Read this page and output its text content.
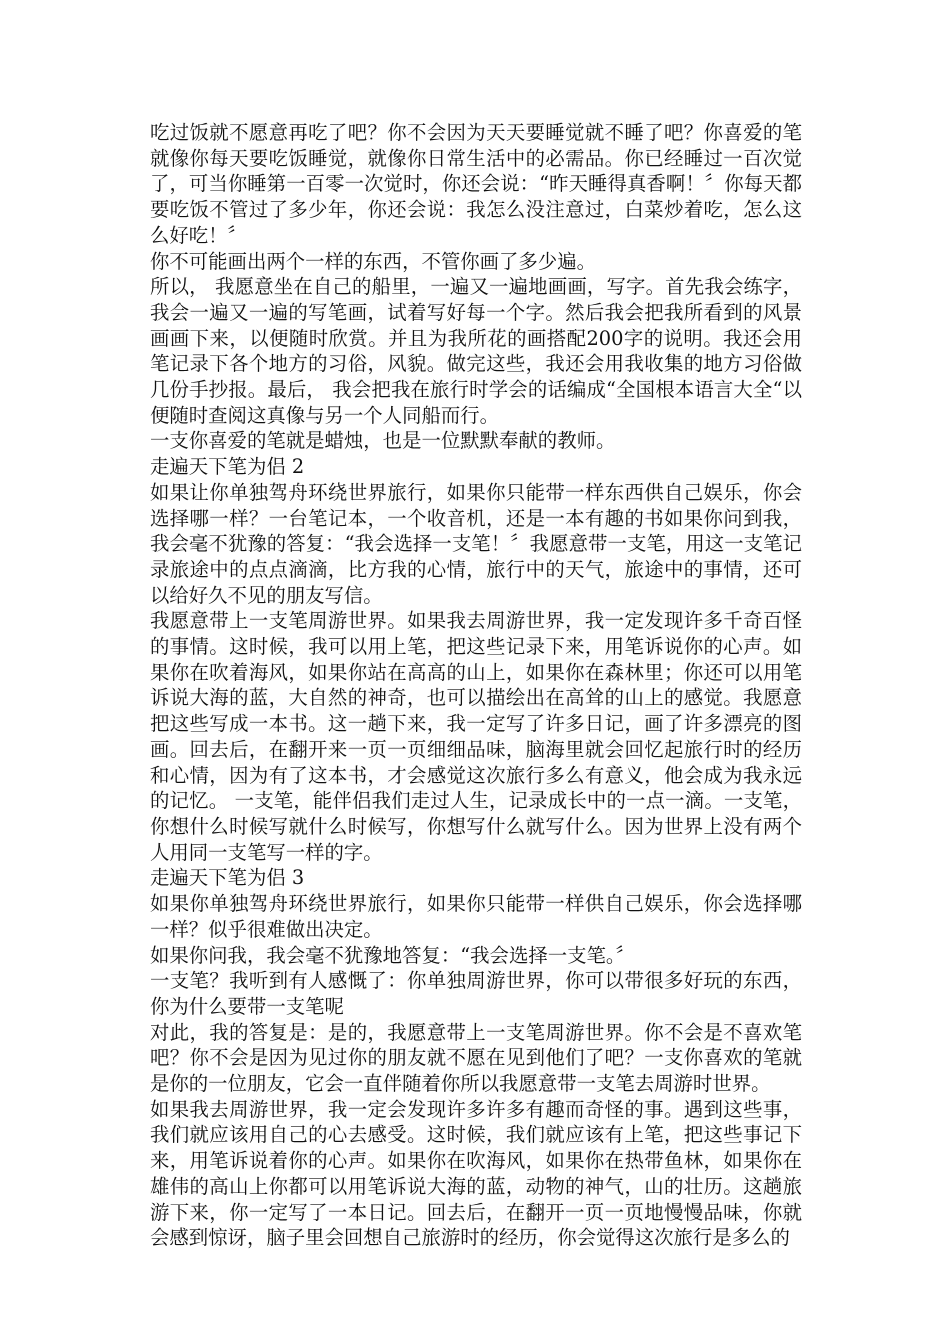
吃过饭就不愿意再吃了吧？你不会因为天天要睡觉就不睡了吧？你喜爱的笔就像你每天要吃饭睡觉，就像你日常生活中的必需品。你已经睡过一百次觉了，可当你睡第一百零一次觉时，你还会说：“昨天睡得真香啊！〞你每天都要吃饭不管过了多少年，你还会说：我怎么没注意过，白菜炒着吃，怎么这么好吃！〞

你不可能画出两个一样的东西，不管你画了多少遍。

所以， 我愿意坐在自己的船里，一遍又一遍地画画，写字。首先我会练字，我会一遍又一遍的写笔画，试着写好每一个字。然后我会把我所看到的风景画画下来，以便随时欣赏。并且为我所花的画搭配200字的说明。我还会用笔记录下各个地方的习俗，风貌。做完这些，我还会用我收集的地方习俗做几份手抄报。最后， 我会把我在旅行时学会的话编成“全国根本语言大全“以便随时查阅这真像与另一个人同船而行。

一支你喜爱的笔就是蜡烛，也是一位默默奉献的教师。

走遍天下笔为侣 2

如果让你单独驾舟环绕世界旅行，如果你只能带一样东西供自己娱乐，你会选择哪一样？一台笔记本，一个收音机，还是一本有趣的书如果你问到我，我会毫不犹豫的答复：“我会选择一支笔！〞我愿意带一支笔，用这一支笔记录旅途中的点点滴滴，比方我的心情，旅行中的天气，旅途中的事情，还可以给好久不见的朋友写信。

我愿意带上一支笔周游世界。如果我去周游世界，我一定发现许多千奇百怪的事情。这时候，我可以用上笔，把这些记录下来，用笔诉说你的心声。如果你在吹着海风，如果你站在高高的山上，如果你在森林里；你还可以用笔诉说大海的蓝，大自然的神奇，也可以描绘出在高耸的山上的感觉。我愿意把这些写成一本书。这一趟下来，我一定写了许多日记，画了许多漂亮的图画。回去后，在翻开来一页一页细细品味，脑海里就会回忆起旅行时的经历和心情，因为有了这本书，才会感觉这次旅行多么有意义，他会成为我永远的记忆。 一支笔，能伴侣我们走过人生，记录成长中的一点一滴。一支笔，你想什么时候写就什么时候写，你想写什么就写什么。因为世界上没有两个人用同一支笔写一样的字。

走遍天下笔为侣 3

如果你单独驾舟环绕世界旅行，如果你只能带一样供自己娱乐，你会选择哪一样？似乎很难做出决定。

如果你问我，我会毫不犹豫地答复：“我会选择一支笔。〞

一支笔？我听到有人感慨了：你单独周游世界，你可以带很多好玩的东西，你为什么要带一支笔呢

对此，我的答复是：是的，我愿意带上一支笔周游世界。你不会是不喜欢笔吧？你不会是因为见过你的朋友就不愿在见到他们了吧？一支你喜欢的笔就是你的一位朋友，它会一直伴随着你所以我愿意带一支笔去周游时世界。

如果我去周游世界，我一定会发现许多许多有趣而奇怪的事。遇到这些事，我们就应该用自己的心去感受。这时候，我们就应该有上笔，把这些事记下来，用笔诉说着你的心声。如果你在吹海风，如果你在热带鱼林，如果你在雄伟的高山上你都可以用笔诉说大海的蓝，动物的神气，山的壮历。这趟旅游下来，你一定写了一本日记。回去后，在翻开一页一页地慢慢品味，你就会感到惊讶，脑子里会回想自己旅游时的经历，你会觉得这次旅行是多么的
